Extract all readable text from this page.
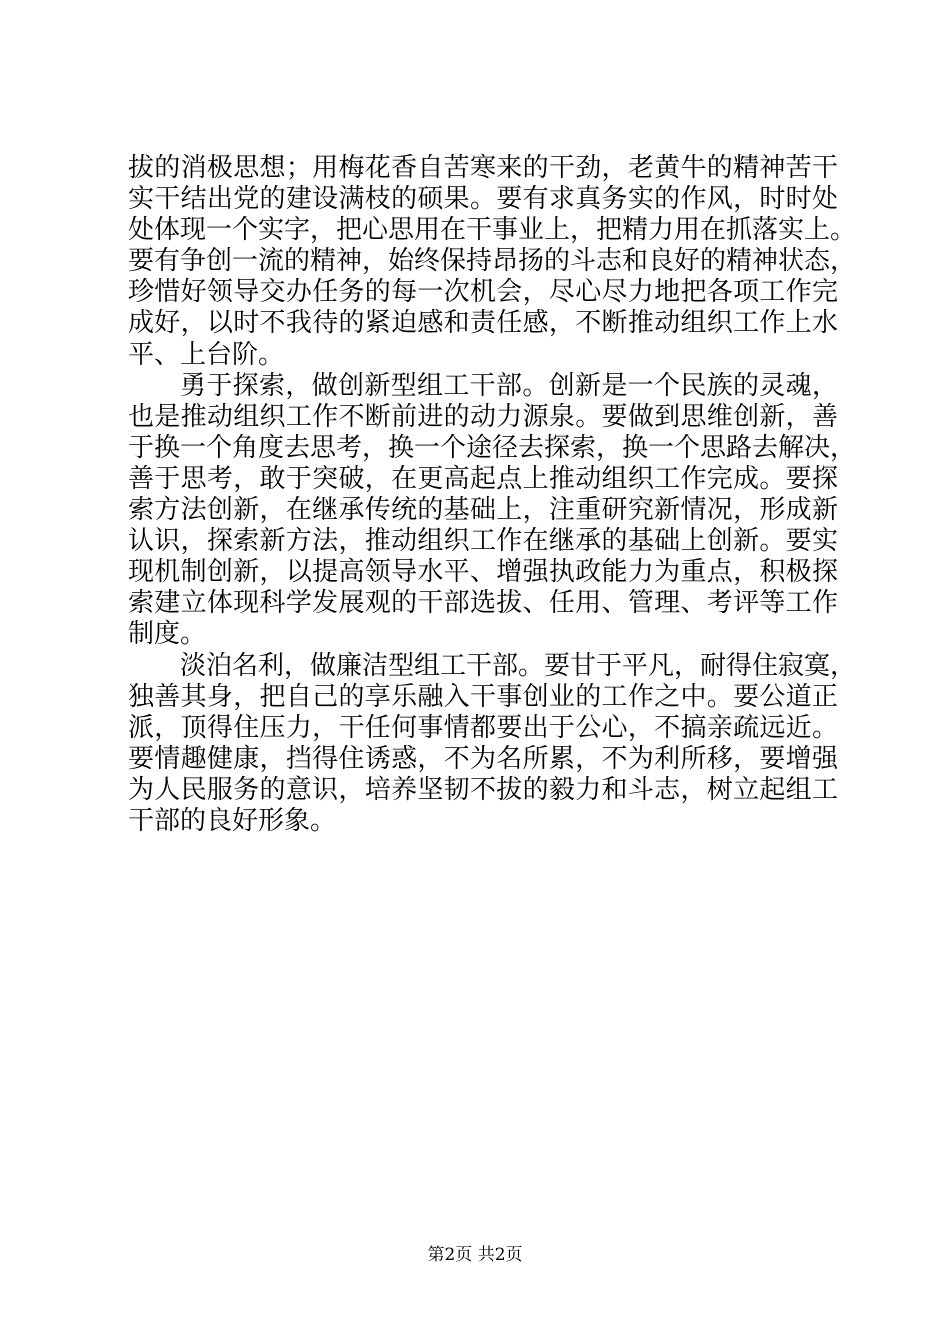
拔的消极思想；用梅花香自苦寒来的干劲，老黄牛的精神苦干
实干结出党的建设满枝的硕果。要有求真务实的作风，时时处
处体现一个实字，把心思用在干事业上，把精力用在抓落实上。
要有争创一流的精神，始终保持昂扬的斗志和良好的精神状态，
珍惜好领导交办任务的每一次机会，尽心尽力地把各项工作完
成好，以时不我待的紧迫感和责任感，不断推动组织工作上水
平、上台阶。
勇于探索，做创新型组工干部。创新是一个民族的灵魂，
也是推动组织工作不断前进的动力源泉。要做到思维创新，善
于换一个角度去思考，换一个途径去探索，换一个思路去解决，
善于思考，敢于突破，在更高起点上推动组织工作完成。要探
索方法创新，在继承传统的基础上，注重研究新情况，形成新
认识，探索新方法，推动组织工作在继承的基础上创新。要实
现机制创新，以提高领导水平、增强执政能力为重点，积极探
索建立体现科学发展观的干部选拔、任用、管理、考评等工作
制度。
淡泊名利，做廉洁型组工干部。要甘于平凡，耐得住寂寞，
独善其身，把自己的享乐融入干事创业的工作之中。要公道正
派，顶得住压力，干任何事情都要出于公心，不搞亲疏远近。
要情趣健康，挡得住诱惑，不为名所累，不为利所移，要增强
为人民服务的意识，培养坚韧不拔的毅力和斗志，树立起组工
干部的良好形象。
第2页 共2页
